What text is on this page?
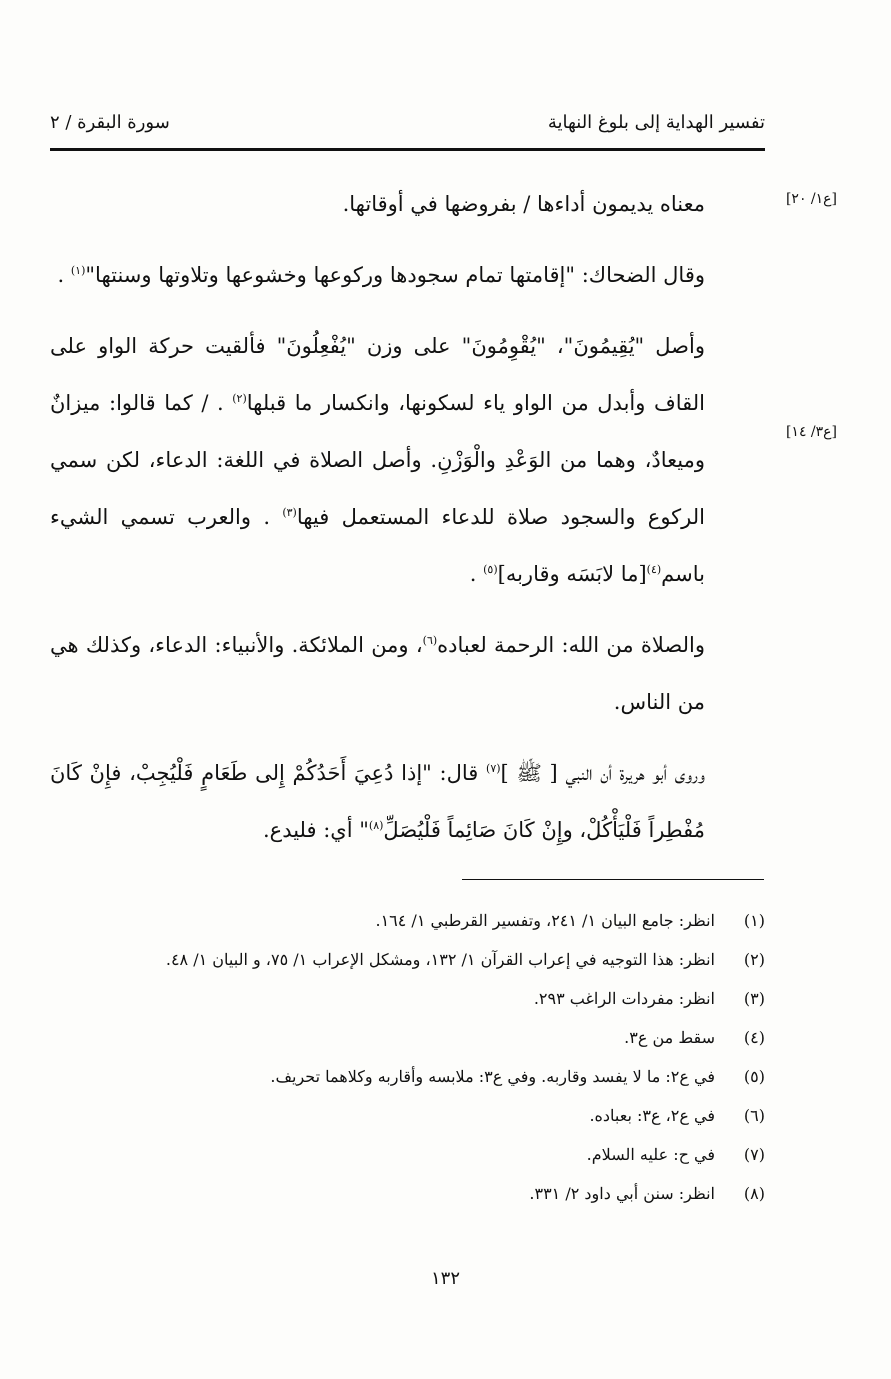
تفسير الهداية إلى بلوغ النهاية
سورة البقرة / ٢
[ع١/ ٢٠]
[ع٣/ ١٤]

معناه يديمون أداءها / بفروضها في أوقاتها.

وقال الضحاك: "إقامتها تمام سجودها وركوعها وخشوعها وتلاوتها وسنتها"$^{(١)}$ .

وأصل "يُقِيمُونَ"، "يُقْوِمُونَ" على وزن "يُفْعِلُونَ" فألقيت حركة الواو على القاف وأبدل من الواو ياء لسكونها، وانكسار ما قبلها$^{(٢)}$ . / كما قالوا: ميزانٌ وميعادٌ، وهما من الوَعْدِ والْوَزْنِ. وأصل الصلاة في اللغة: الدعاء، لكن سمي الركوع والسجود صلاة للدعاء المستعمل فيها$^{(٣)}$ . والعرب تسمي الشيء باسم$^{(٤)}$[ما لابَسَه وقاربه]$^{(٥)}$ .

والصلاة من الله: الرحمة لعباده$^{(٦)}$، ومن الملائكة. والأنبياء: الدعاء، وكذلك هي من الناس.

وروى أبو هريرة أن النبي [ ﷺ ]$^{(٧)}$ قال: "إذا دُعِيَ أَحَدُكُمْ إِلى طَعَامٍ فَلْيُجِبْ، فإِنْ كَانَ مُفْطِراً فَلْيَأْكُلْ، وإِنْ كَانَ صَائِماً فَلْيُصَلِّ$^{(٨)}$" أي: فليدع.

(١)انظر: جامع البيان ١/ ٢٤١، وتفسير القرطبي ١/ ١٦٤.
(٢)انظر: هذا التوجيه في إعراب القرآن ١/ ١٣٢، ومشكل الإعراب ١/ ٧٥، و البيان ١/ ٤٨.
(٣)انظر: مفردات الراغب ٢٩٣.
(٤)سقط من ع٣.
(٥)في ع٢: ما لا يفسد وقاربه. وفي ع٣: ملابسه وأقاربه وكلاهما تحريف.
(٦)في ع٢، ع٣: بعباده.
(٧)في ح: عليه السلام.
(٨)انظر: سنن أبي داود ٢/ ٣٣١.
١٣٢
